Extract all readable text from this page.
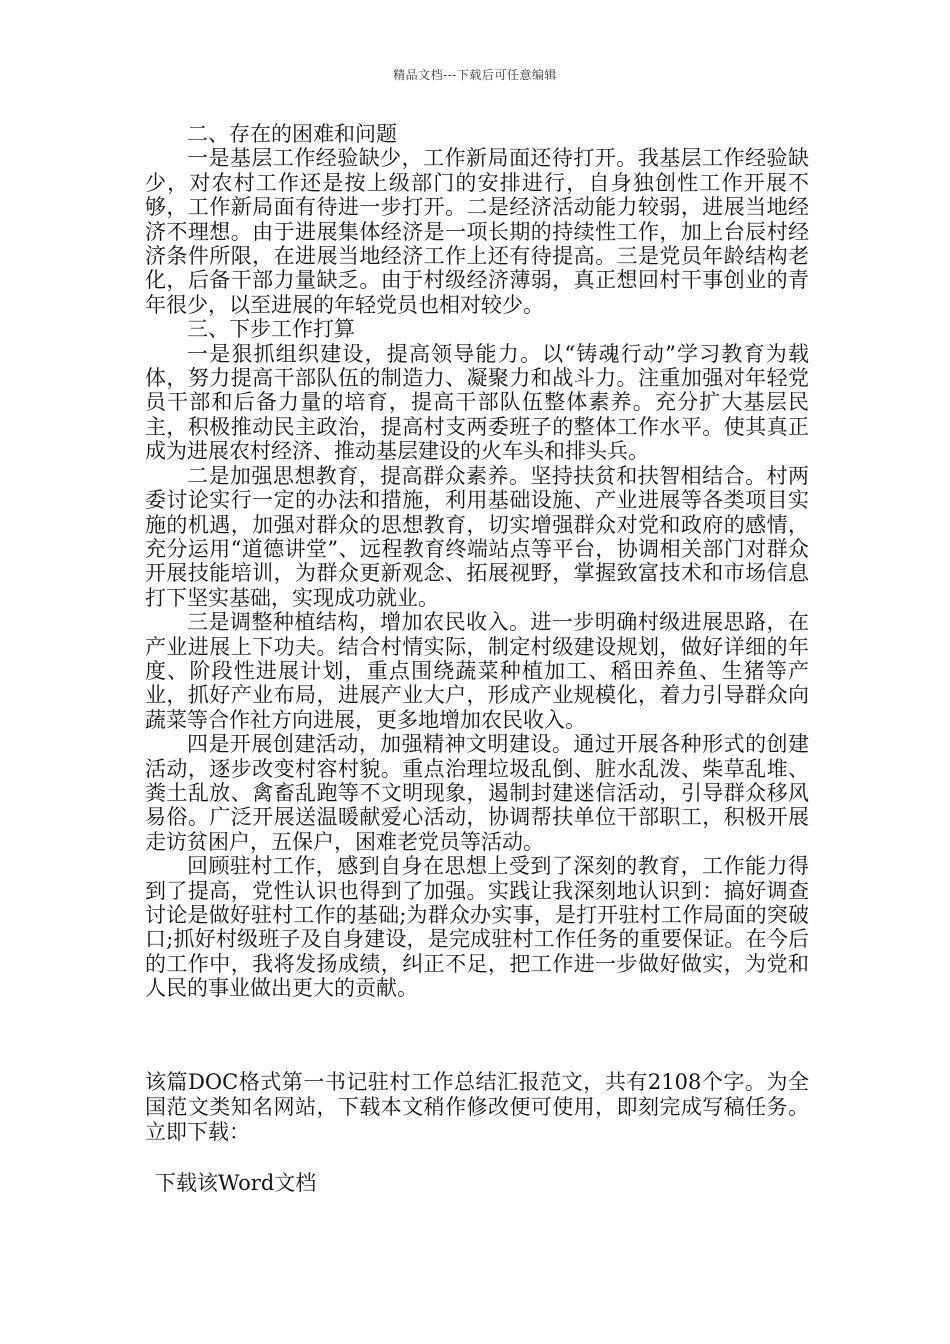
精品文档---下载后可任意编辑

二、存在的困难和问题

一是基层工作经验缺少，工作新局面还待打开。我基层工作经验缺少，对农村工作还是按上级部门的安排进行，自身独创性工作开展不够，工作新局面有待进一步打开。二是经济活动能力较弱，进展当地经济不理想。由于进展集体经济是一项长期的持续性工作，加上台辰村经济条件所限，在进展当地经济工作上还有待提高。三是党员年龄结构老化，后备干部力量缺乏。由于村级经济薄弱，真正想回村干事创业的青年很少，以至进展的年轻党员也相对较少。

三、下步工作打算

一是狠抓组织建设，提高领导能力。以“铸魂行动”学习教育为载体，努力提高干部队伍的制造力、凝聚力和战斗力。注重加强对年轻党员干部和后备力量的培育，提高干部队伍整体素养。充分扩大基层民主，积极推动民主政治，提高村支两委班子的整体工作水平。使其真正成为进展农村经济、推动基层建设的火车头和排头兵。

二是加强思想教育，提高群众素养。坚持扶贫和扶智相结合。村两委讨论实行一定的办法和措施，利用基础设施、产业进展等各类项目实施的机遇，加强对群众的思想教育，切实增强群众对党和政府的感情，充分运用“道德讲堂”、远程教育终端站点等平台，协调相关部门对群众开展技能培训，为群众更新观念、拓展视野，掌握致富技术和市场信息打下坚实基础，实现成功就业。

三是调整种植结构，增加农民收入。进一步明确村级进展思路，在产业进展上下功夫。结合村情实际，制定村级建设规划，做好详细的年度、阶段性进展计划，重点围绕蔬菜种植加工、稻田养鱼、生猪等产业，抓好产业布局，进展产业大户，形成产业规模化，着力引导群众向蔬菜等合作社方向进展，更多地增加农民收入。

四是开展创建活动，加强精神文明建设。通过开展各种形式的创建活动，逐步改变村容村貌。重点治理垃圾乱倒、脏水乱泼、柴草乱堆、粪土乱放、禽畜乱跑等不文明现象，遏制封建迷信活动，引导群众移风易俗。广泛开展送温暖献爱心活动，协调帮扶单位干部职工，积极开展走访贫困户，五保户，困难老党员等活动。

回顾驻村工作，感到自身在思想上受到了深刻的教育，工作能力得到了提高，党性认识也得到了加强。实践让我深刻地认识到：搞好调查讨论是做好驻村工作的基础;为群众办实事，是打开驻村工作局面的突破口;抓好村级班子及自身建设，是完成驻村工作任务的重要保证。在今后的工作中，我将发扬成绩，纠正不足，把工作进一步做好做实，为党和人民的事业做出更大的贡献。

该篇DOC格式第一书记驻村工作总结汇报范文，共有2108个字。为全国范文类知名网站，下载本文稍作修改便可使用，即刻完成写稿任务。立即下载：

下载该Word文档
